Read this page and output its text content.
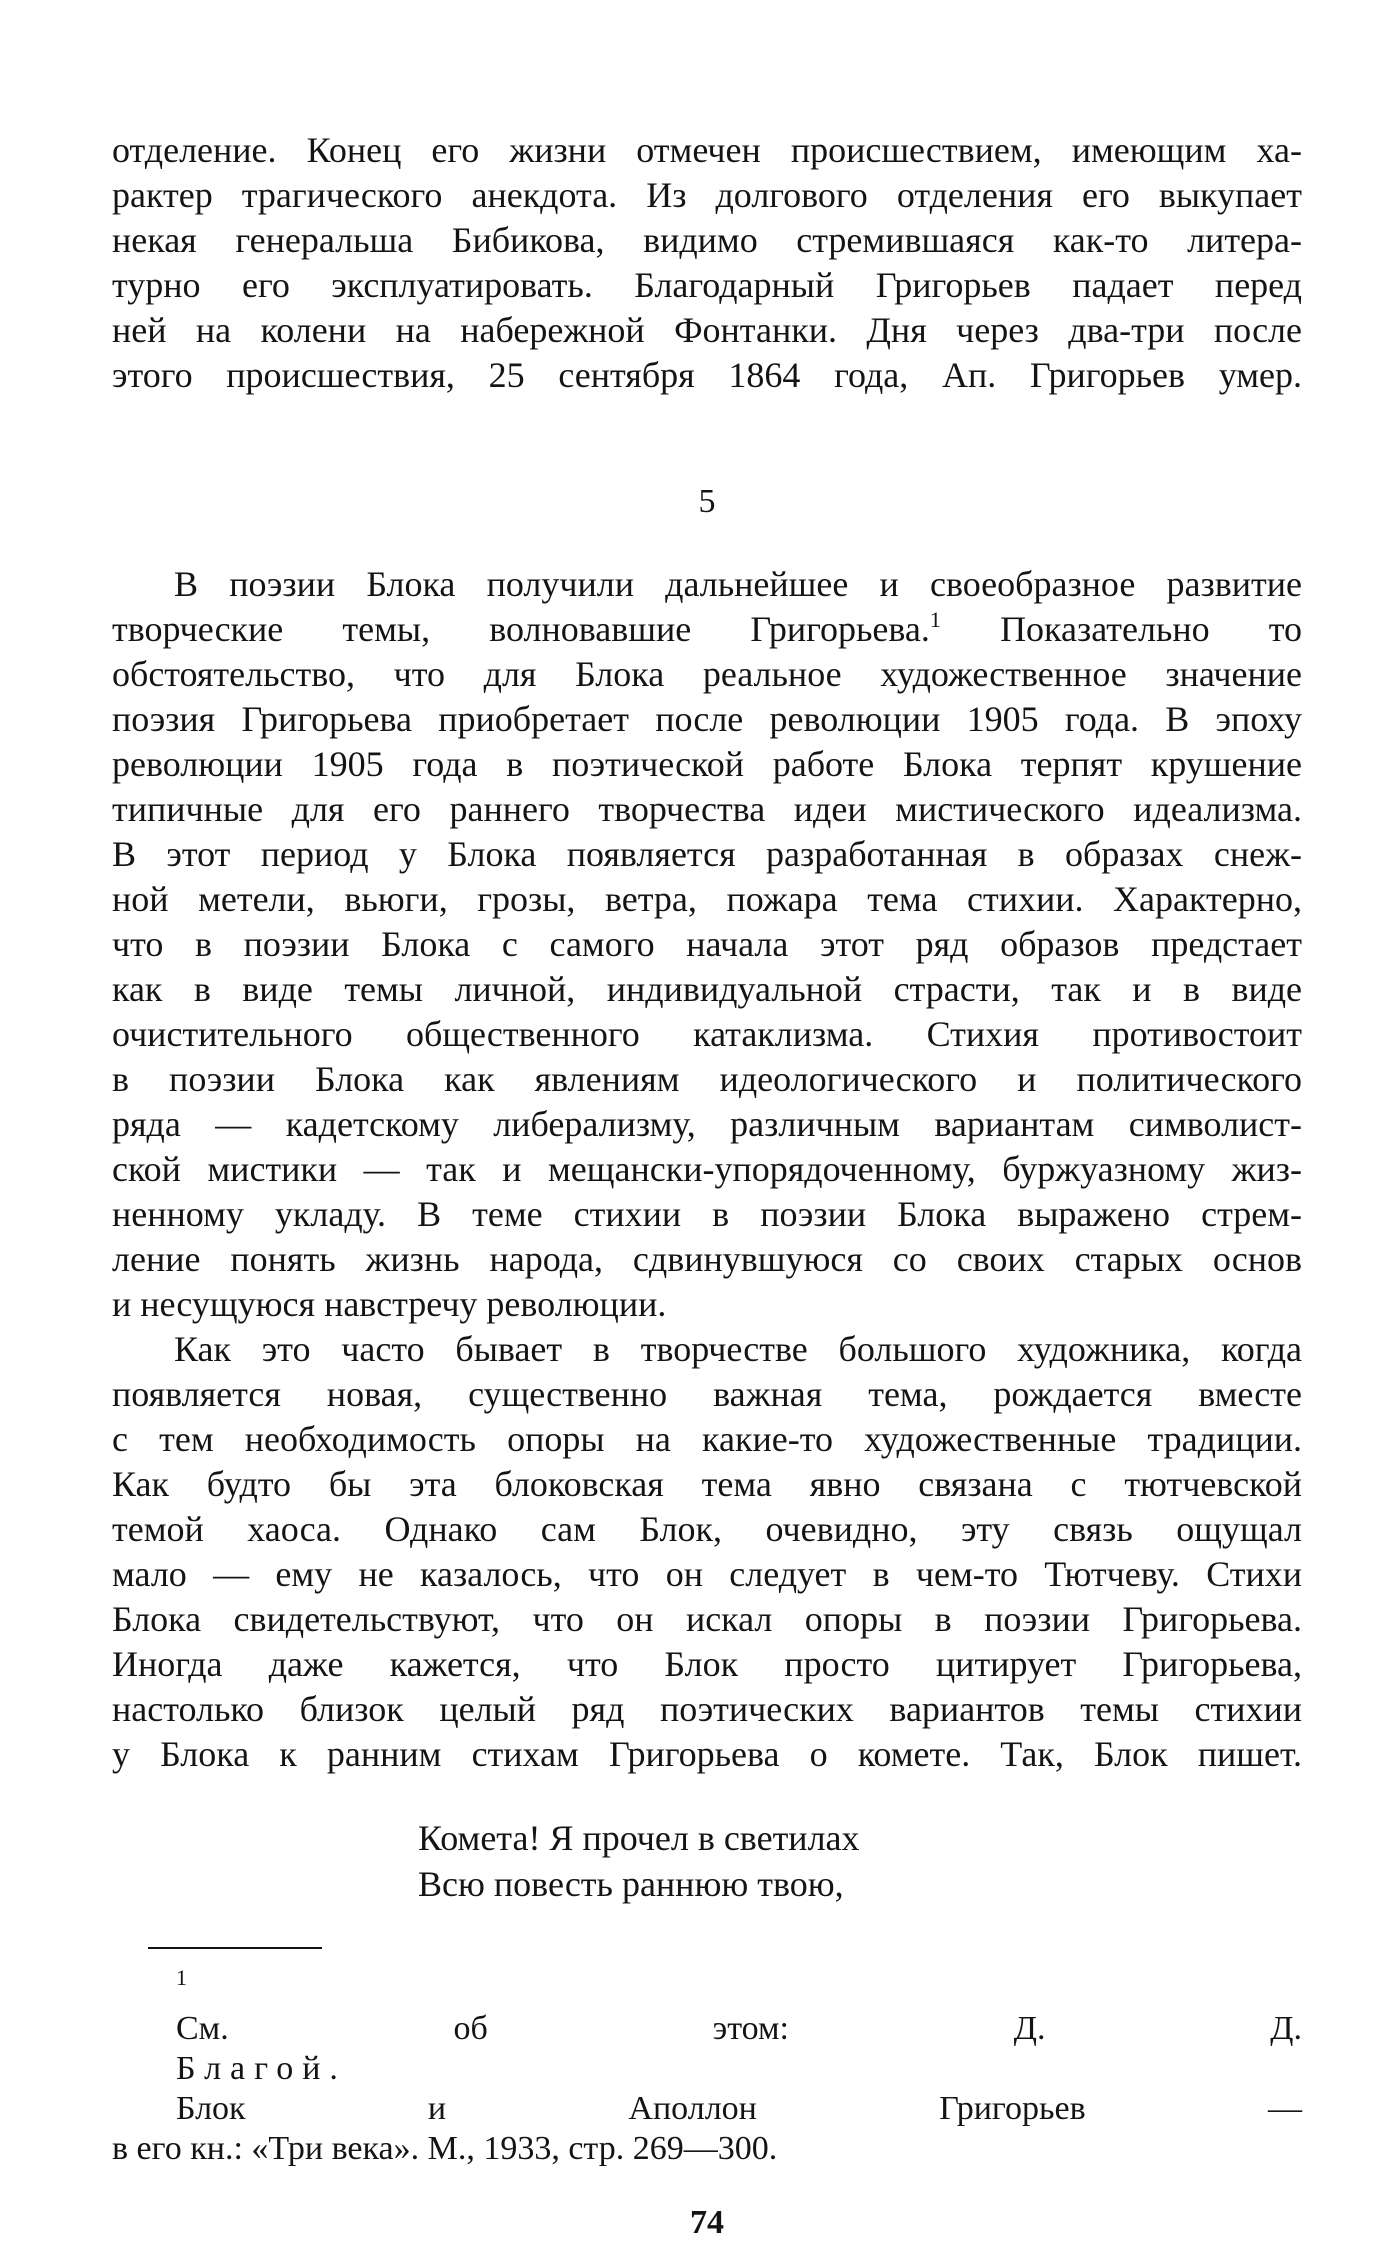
отделение. Конец его жизни отмечен происшествием, имеющим ха-
рактер трагического анекдота. Из долгового отделения его выкупает
некая генеральша Бибикова, видимо стремившаяся как-то литера-
турно его эксплуатировать. Благодарный Григорьев падает перед
ней на колени на набережной Фонтанки. Дня через два-три после
этого происшествия, 25 сентября 1864 года, Ап. Григорьев умер.
5
В поэзии Блока получили дальнейшее и своеобразное развитие
творческие темы, волновавшие Григорьева.$^1$ Показательно то
обстоятельство, что для Блока реальное художественное значение
поэзия Григорьева приобретает после революции 1905 года. В эпоху
революции 1905 года в поэтической работе Блока терпят крушение
типичные для его раннего творчества идеи мистического идеализма.
В этот период у Блока появляется разработанная в образах снеж-
ной метели, вьюги, грозы, ветра, пожара тема стихии. Характерно,
что в поэзии Блока с самого начала этот ряд образов предстает
как в виде темы личной, индивидуальной страсти, так и в виде
очистительного общественного катаклизма. Стихия противостоит
в поэзии Блока как явлениям идеологического и политического
ряда — кадетскому либерализму, различным вариантам символист-
ской мистики — так и мещански-упорядоченному, буржуазному жиз-
ненному укладу. В теме стихии в поэзии Блока выражено стрем-
ление понять жизнь народа, сдвинувшуюся со своих старых основ
и несущуюся навстречу революции.
Как это часто бывает в творчестве большого художника, когда
появляется новая, существенно важная тема, рождается вместе
с тем необходимость опоры на какие-то художественные традиции.
Как будто бы эта блоковская тема явно связана с тютчевской
темой хаоса. Однако сам Блок, очевидно, эту связь ощущал
мало — ему не казалось, что он следует в чем-то Тютчеву. Стихи
Блока свидетельствуют, что он искал опоры в поэзии Григорьева.
Иногда даже кажется, что Блок просто цитирует Григорьева,
настолько близок целый ряд поэтических вариантов темы стихии
у Блока к ранним стихам Григорьева о комете. Так, Блок пишет.
Комета! Я прочел в светилах
Всю повесть раннюю твою,
$^1$
См. об этом: Д. Д.
Благой.
Блок и Аполлон Григорьев —
в его кн.: «Три века». М., 1933, стр. 269—300.
74
